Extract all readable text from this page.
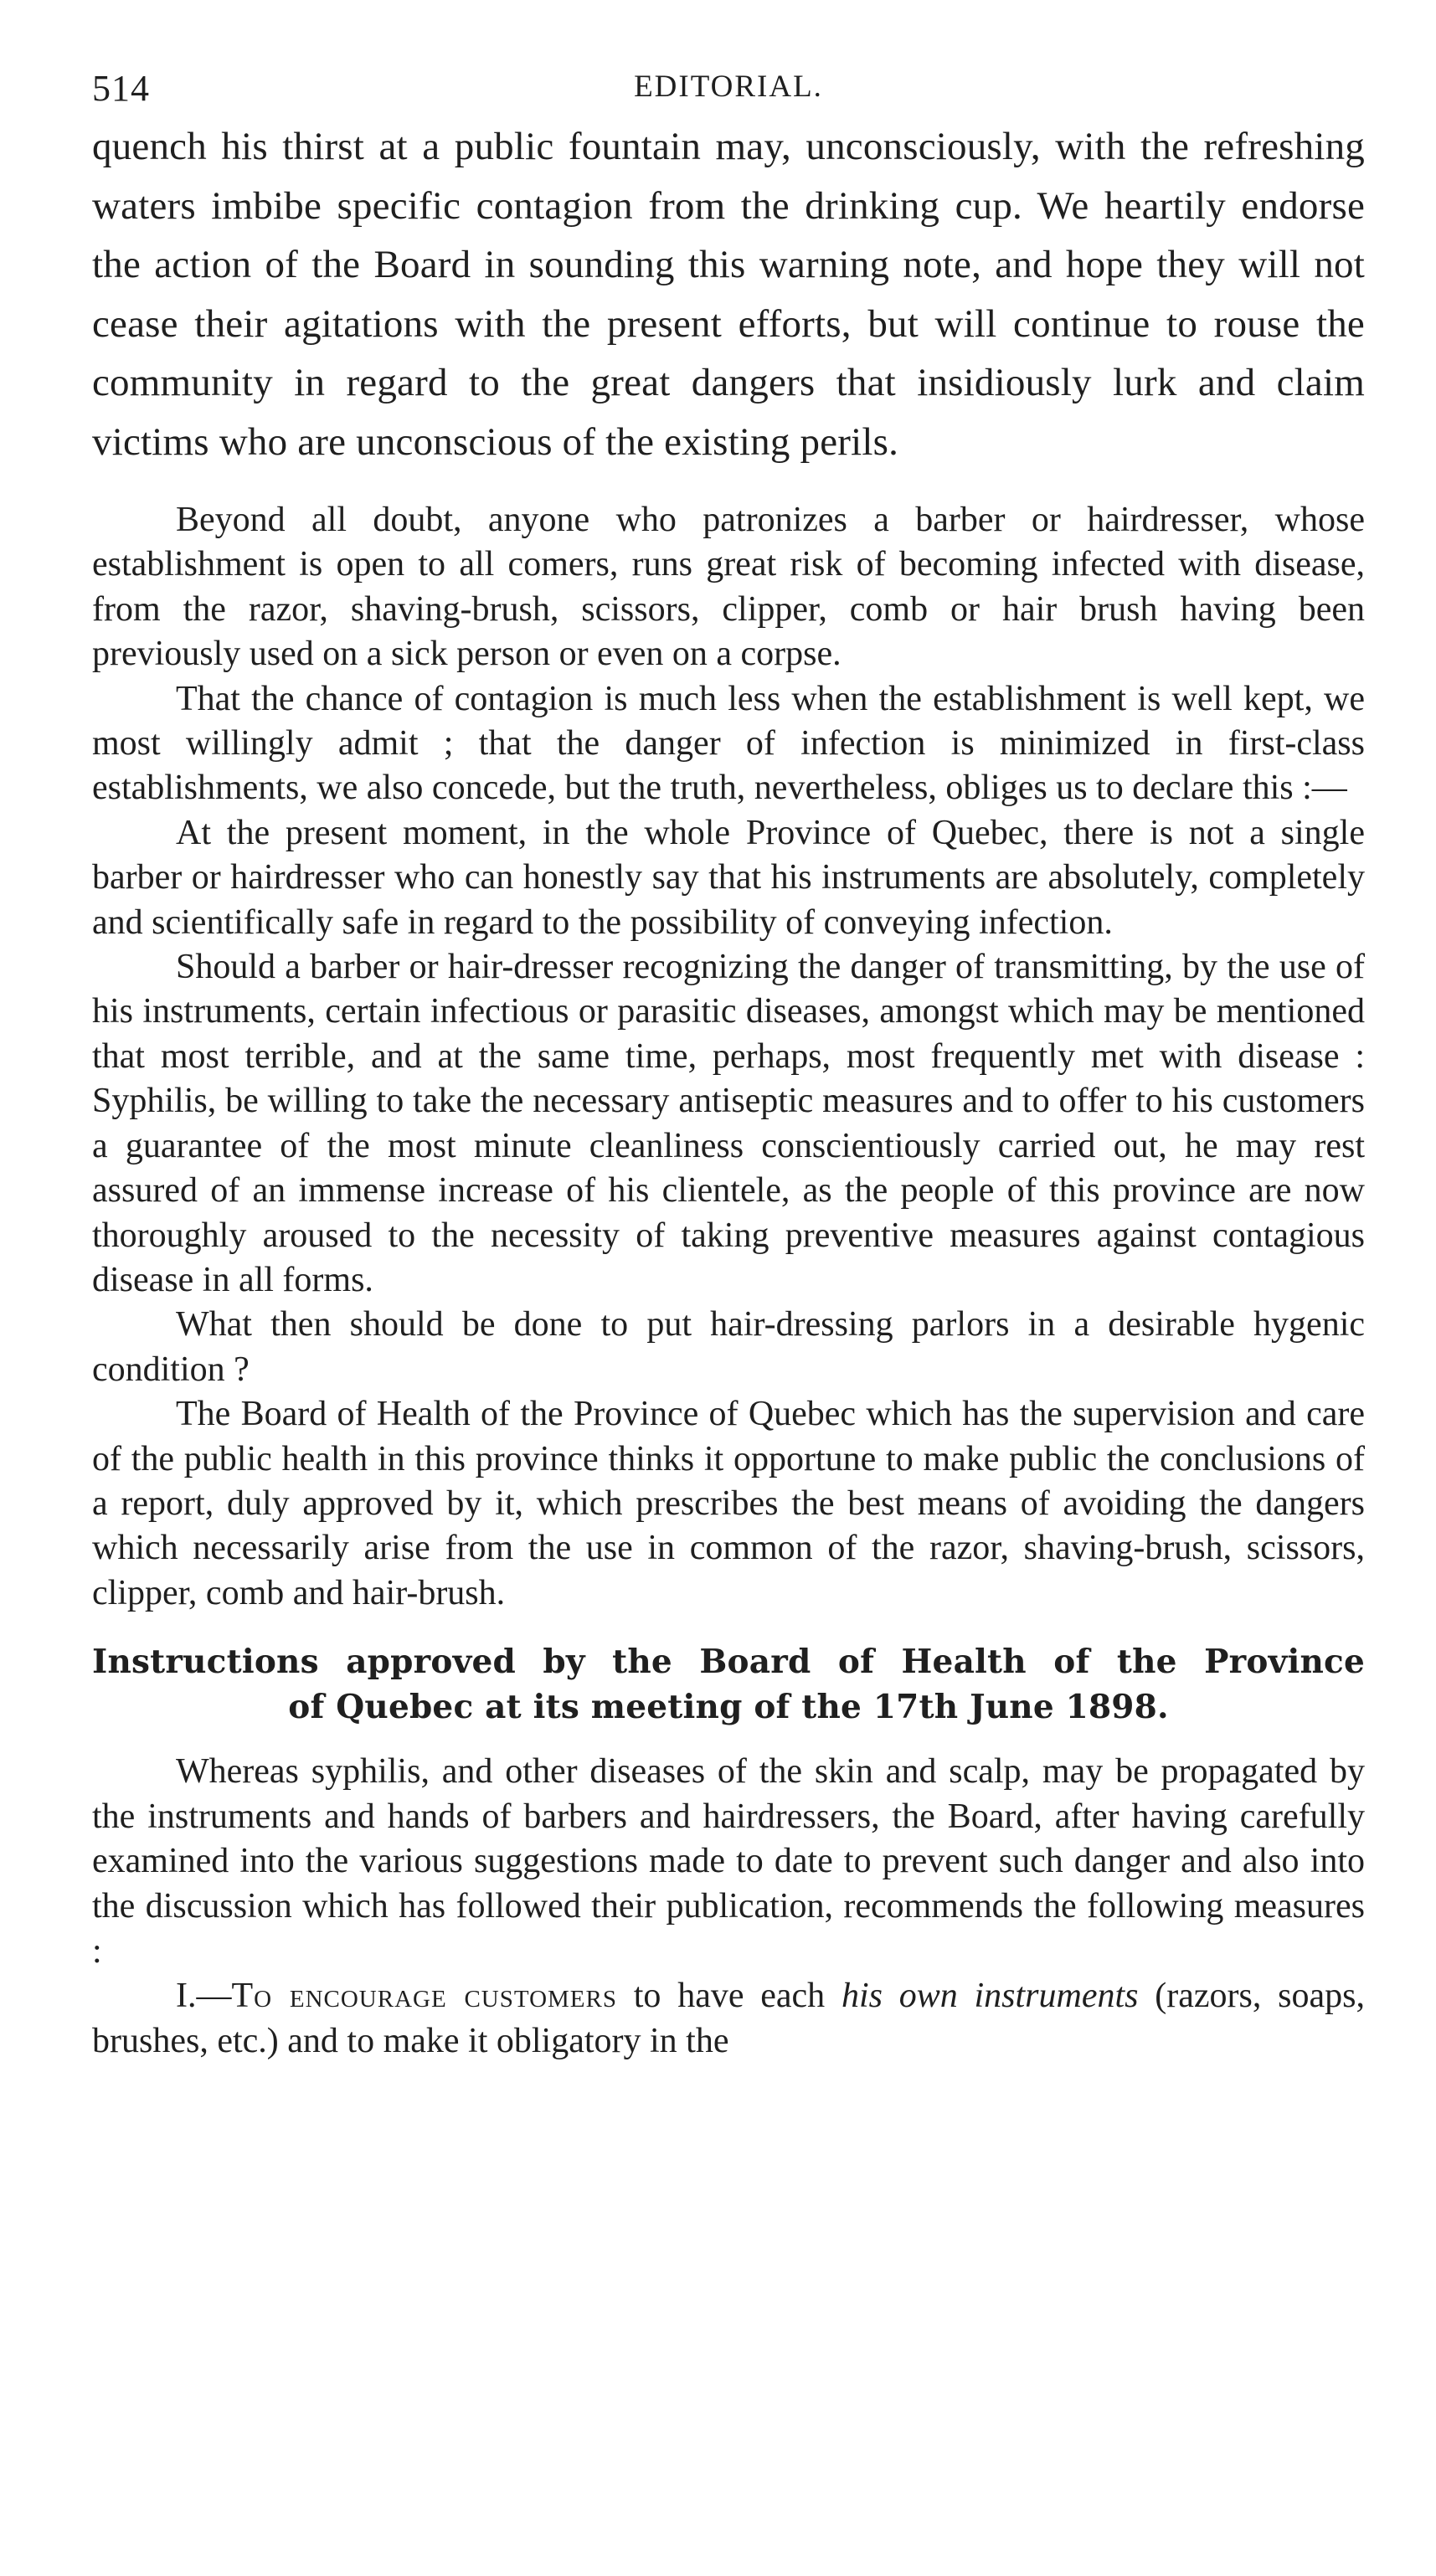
514	EDITORIAL.

quench his thirst at a public fountain may, unconsciously, with the refreshing waters imbibe specific contagion from the drinking cup. We heartily endorse the action of the Board in sounding this warning note, and hope they will not cease their agitations with the present efforts, but will continue to rouse the community in regard to the great dangers that insidiously lurk and claim victims who are unconscious of the existing perils.

Beyond all doubt, anyone who patronizes a barber or hairdresser, whose establishment is open to all comers, runs great risk of becoming infected with disease, from the razor, shaving-brush, scissors, clipper, comb or hair brush having been previously used on a sick person or even on a corpse.

That the chance of contagion is much less when the establishment is well kept, we most willingly admit ; that the danger of infection is minimized in first-class establishments, we also concede, but the truth, nevertheless, obliges us to declare this :—

At the present moment, in the whole Province of Quebec, there is not a single barber or hairdresser who can honestly say that his instruments are absolutely, completely and scientifically safe in regard to the possibility of conveying infection.

Should a barber or hair-dresser recognizing the danger of transmitting, by the use of his instruments, certain infectious or parasitic diseases, amongst which may be mentioned that most terrible, and at the same time, perhaps, most frequently met with disease : Syphilis, be willing to take the necessary antiseptic measures and to offer to his customers a guarantee of the most minute cleanliness conscientiously carried out, he may rest assured of an immense increase of his clientele, as the people of this province are now thoroughly aroused to the necessity of taking preventive measures against contagious disease in all forms.

What then should be done to put hair-dressing parlors in a desirable hygenic condition ?

The Board of Health of the Province of Quebec which has the supervision and care of the public health in this province thinks it opportune to make public the conclusions of a report, duly approved by it, which prescribes the best means of avoiding the dangers which necessarily arise from the use in common of the razor, shaving-brush, scissors, clipper, comb and hair-brush.

Instructions approved by the Board of Health of the Province
of Quebec at its meeting of the 17th June 1898.

Whereas syphilis, and other diseases of the skin and scalp, may be propagated by the instruments and hands of barbers and hairdressers, the Board, after having carefully examined into the various suggestions made to date to prevent such danger and also into the discussion which has followed their publication, recommends the following measures :

I.—To encourage customers to have each his own instruments (razors, soaps, brushes, etc.) and to make it obligatory in the
